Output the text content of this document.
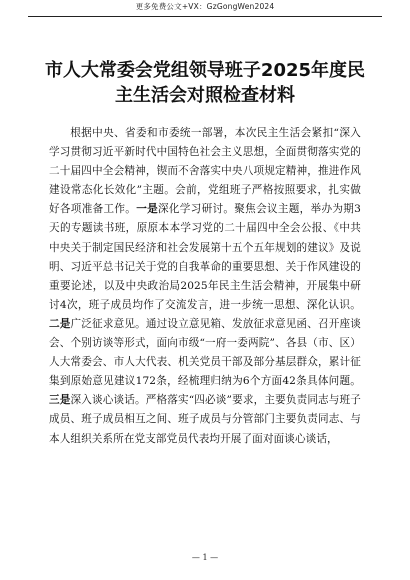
更多免费公文+VX：GzGongWen2024
市人大常委会党组领导班子2025年度民
主生活会对照检查材料

根据中央、省委和市委统一部署，本次民主生活会紧扣“深入学习贯彻习近平新时代中国特色社会主义思想，全面贯彻落实党的二十届四中全会精神，锲而不舍落实中央八项规定精神，推进作风建设常态化长效化”主题。会前，党组班子严格按照要求，扎实做好各项准备工作。一是深化学习研讨。聚焦会议主题，举办为期3天的专题读书班，原原本本学习党的二十届四中全会公报、《中共中央关于制定国民经济和社会发展第十五个五年规划的建议》及说明、习近平总书记关于党的自我革命的重要思想、关于作风建设的重要论述，以及中央政治局2025年民主生活会精神，开展集中研讨4次，班子成员均作了交流发言，进一步统一思想、深化认识。二是广泛征求意见。通过设立意见箱、发放征求意见函、召开座谈会、个别访谈等形式，面向市级“一府一委两院”、各县（市、区）人大常委会、市人大代表、机关党员干部及部分基层群众，累计征集到原始意见建议172条，经梳理归纳为6个方面42条具体问题。三是深入谈心谈话。严格落实“四必谈”要求，主要负责同志与班子成员、班子成员相互之间、班子成员与分管部门主要负责同志、与本人组织关系所在党支部党员代表均开展了面对面谈心谈话，

— 1 —
